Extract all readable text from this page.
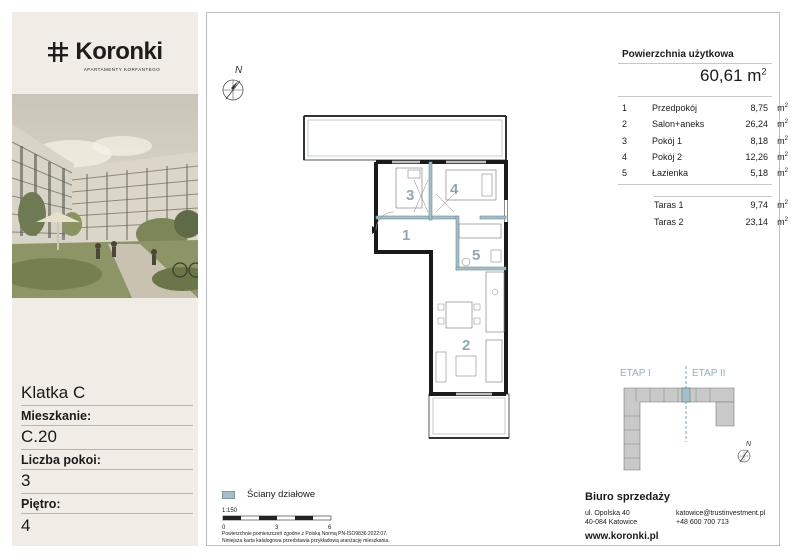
Koronki
APARTAMENTY KORFANTEGO
Klatka C
Mieszkanie:
C.20
Liczba pokoi:
3
Piętro:
4
N
3 4
1
5
2
Powierzchnia użytkowa
60,61 $m^2$
1	Przedpokój	8,75	$m^2$
2	Salon+aneks	26,24	$m^2$
3	Pokój 1	8,18	$m^2$
4	Pokój 2	12,26	$m^2$
5	Łazienka	5,18	$m^2$
Taras 1	9,74	$m^2$
Taras 2	23,14	$m^2$
ETAP I	ETAP II
N
Ściany działowe
1:150
0	3	6
Powierzchnie pomieszczeń zgodne z Polską Normą PN-ISO9836:2022:07.
Niniejsza karta katalogowa przedstawia przykładową aranżację mieszkania.
Biuro sprzedaży
ul. Opolska 40
40-084 Katowice
katowice@trustinvestment.pl
+48 600 700 713
www.koronki.pl
